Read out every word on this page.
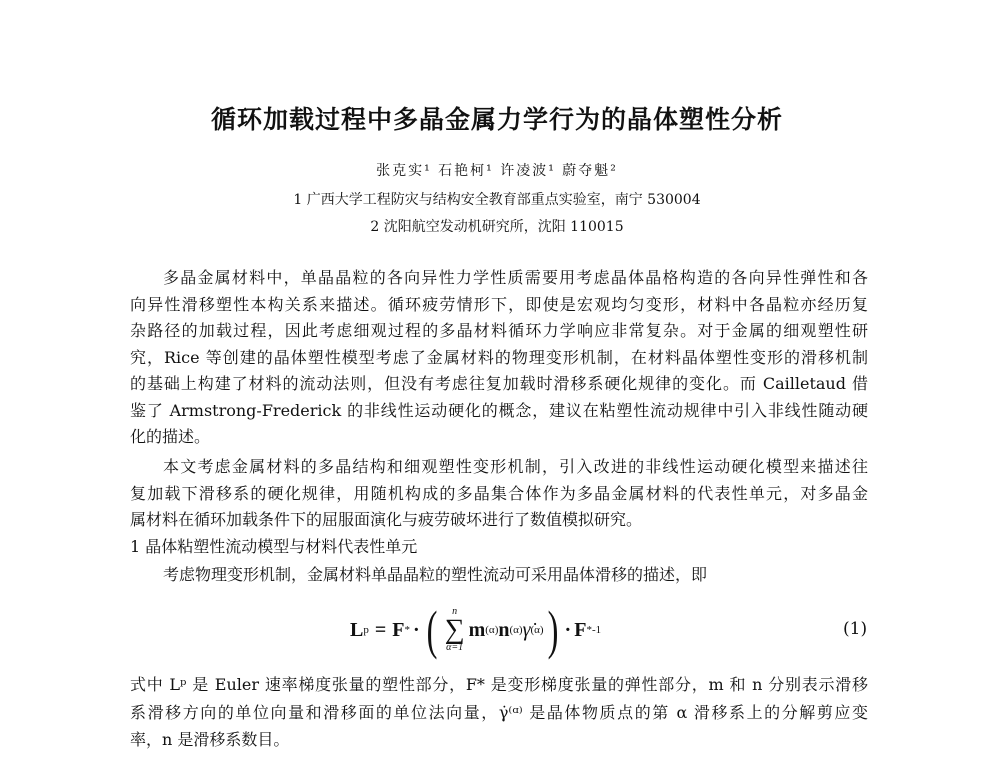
循环加载过程中多晶金属力学行为的晶体塑性分析
张克实¹ 石艳柯¹ 许凌波¹ 蔚夺魁²
1 广西大学工程防灾与结构安全教育部重点实验室，南宁 530004
2 沈阳航空发动机研究所，沈阳 110015
多晶金属材料中，单晶晶粒的各向异性力学性质需要用考虑晶体晶格构造的各向异性弹性和各
向异性滑移塑性本构关系来描述。循环疲劳情形下，即使是宏观均匀变形，材料中各晶粒亦经历复
杂路径的加载过程，因此考虑细观过程的多晶材料循环力学响应非常复杂。对于金属的细观塑性研
究，Rice 等创建的晶体塑性模型考虑了金属材料的物理变形机制，在材料晶体塑性变形的滑移机制
的基础上构建了材料的流动法则，但没有考虑往复加载时滑移系硬化规律的变化。而 Cailletaud 借
鉴了 Armstrong-Frederick 的非线性运动硬化的概念，建议在粘塑性流动规律中引入非线性随动硬
化的描述。
本文考虑金属材料的多晶结构和细观塑性变形机制，引入改进的非线性运动硬化模型来描述往
复加载下滑移系的硬化规律，用随机构成的多晶集合体作为多晶金属材料的代表性单元，对多晶金
属材料在循环加载条件下的屈服面演化与疲劳破坏进行了数值模拟研究。
1 晶体粘塑性流动模型与材料代表性单元
考虑物理变形机制，金属材料单晶晶粒的塑性流动可采用晶体滑移的描述，即
L p = F * · ( n
∑
α=1
m (α) n (α) γ̇ (α) ) · F *-1	(1)
式中 Lᵖ 是 Euler 速率梯度张量的塑性部分，F* 是变形梯度张量的弹性部分，m 和 n 分别表示滑移
系滑移方向的单位向量和滑移面的单位法向量，γ̇⁽ᵅ⁾ 是晶体物质点的第 α 滑移系上的分解剪应变
率，n 是滑移系数目。
